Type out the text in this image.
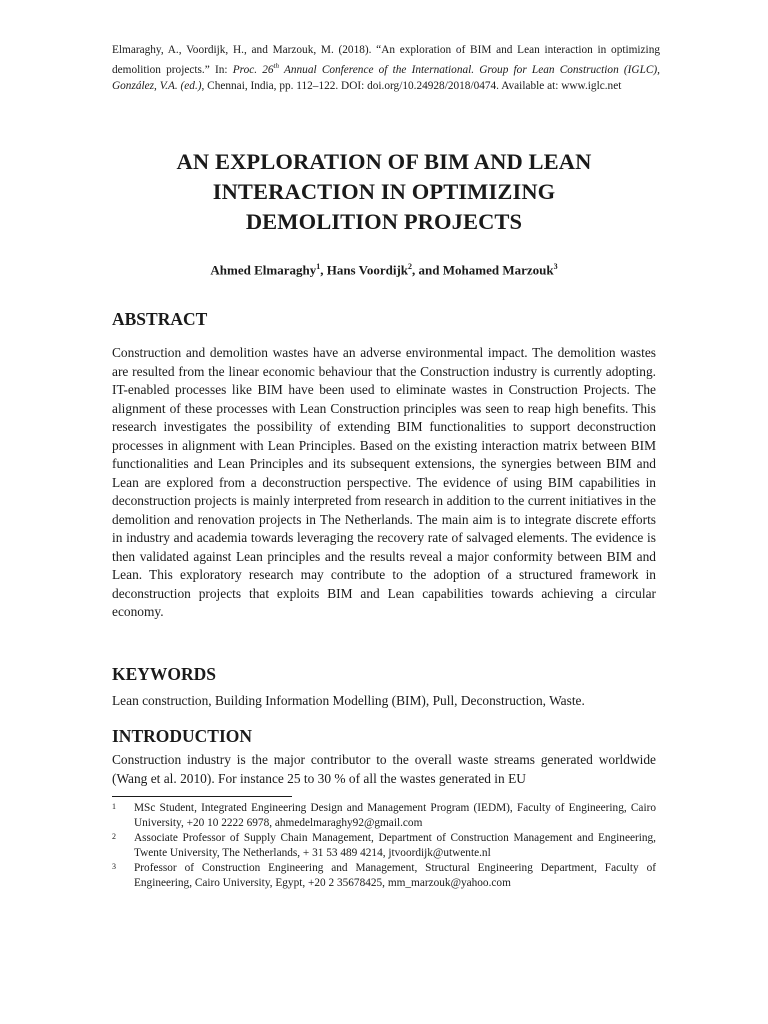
Elmaraghy, A., Voordijk, H., and Marzouk, M. (2018). “An exploration of BIM and Lean interaction in optimizing demolition projects.” In: Proc. 26th Annual Conference of the International. Group for Lean Construction (IGLC), González, V.A. (ed.), Chennai, India, pp. 112–122. DOI: doi.org/10.24928/2018/0474. Available at: www.iglc.net
AN EXPLORATION OF BIM AND LEAN
INTERACTION IN OPTIMIZING
DEMOLITION PROJECTS
Ahmed Elmaraghy$^1$, Hans Voordijk$^2$, and Mohamed Marzouk$^3$
ABSTRACT
Construction and demolition wastes have an adverse environmental impact. The demolition wastes are resulted from the linear economic behaviour that the Construction industry is currently adopting. IT-enabled processes like BIM have been used to eliminate wastes in Construction Projects. The alignment of these processes with Lean Construction principles was seen to reap high benefits. This research investigates the possibility of extending BIM functionalities to support deconstruction processes in alignment with Lean Principles. Based on the existing interaction matrix between BIM functionalities and Lean Principles and its subsequent extensions, the synergies between BIM and Lean are explored from a deconstruction perspective. The evidence of using BIM capabilities in deconstruction projects is mainly interpreted from research in addition to the current initiatives in the demolition and renovation projects in The Netherlands. The main aim is to integrate discrete efforts in industry and academia towards leveraging the recovery rate of salvaged elements. The evidence is then validated against Lean principles and the results reveal a major conformity between BIM and Lean. This exploratory research may contribute to the adoption of a structured framework in deconstruction projects that exploits BIM and Lean capabilities towards achieving a circular economy.
KEYWORDS
Lean construction, Building Information Modelling (BIM), Pull, Deconstruction, Waste.
INTRODUCTION
Construction industry is the major contributor to the overall waste streams generated worldwide (Wang et al. 2010). For instance 25 to 30 % of all the wastes generated in EU
1 MSc Student, Integrated Engineering Design and Management Program (IEDM), Faculty of Engineering, Cairo University, +20 10 2222 6978, ahmedelmaraghy92@gmail.com
2 Associate Professor of Supply Chain Management, Department of Construction Management and Engineering, Twente University, The Netherlands, + 31 53 489 4214, jtvoordijk@utwente.nl
3 Professor of Construction Engineering and Management, Structural Engineering Department, Faculty of Engineering, Cairo University, Egypt, +20 2 35678425, mm_marzouk@yahoo.com
